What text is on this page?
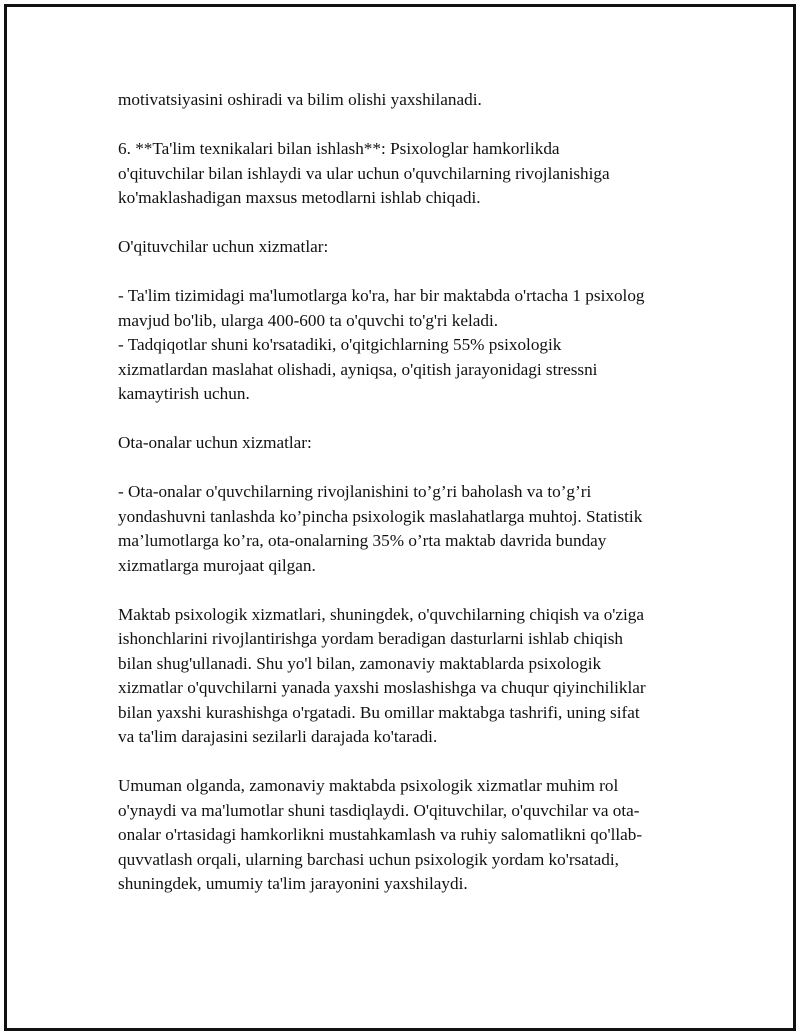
motivatsiyasini oshiradi va bilim olishi yaxshilanadi.

6. **Ta'lim texnikalari bilan ishlash**: Psixologlar hamkorlikda
o'qituvchilar bilan ishlaydi va ular uchun o'quvchilarning rivojlanishiga
ko'maklashadigan maxsus metodlarni ishlab chiqadi.

O'qituvchilar uchun xizmatlar:

- Ta'lim tizimidagi ma'lumotlarga ko'ra, har bir maktabda o'rtacha 1 psixolog
mavjud bo'lib, ularga 400-600 ta o'quvchi to'g'ri keladi.
- Tadqiqotlar shuni ko'rsatadiki, o'qitgichlarning 55% psixologik
xizmatlardan maslahat olishadi, ayniqsa, o'qitish jarayonidagi stressni
kamaytirish uchun.

Ota-onalar uchun xizmatlar:

- Ota-onalar o'quvchilarning rivojlanishini to’g’ri baholash va to’g’ri
yondashuvni tanlashda ko’pincha psixologik maslahatlarga muhtoj. Statistik
ma’lumotlarga ko’ra, ota-onalarning 35% o’rta maktab davrida bunday
xizmatlarga murojaat qilgan.

Maktab psixologik xizmatlari, shuningdek, o'quvchilarning chiqish va o'ziga
ishonchlarini rivojlantirishga yordam beradigan dasturlarni ishlab chiqish
bilan shug'ullanadi. Shu yo'l bilan, zamonaviy maktablarda psixologik
xizmatlar o'quvchilarni yanada yaxshi moslashishga va chuqur qiyinchiliklar
bilan yaxshi kurashishga o'rgatadi. Bu omillar maktabga tashrifi, uning sifat
va ta'lim darajasini sezilarli darajada ko'taradi.

Umuman olganda, zamonaviy maktabda psixologik xizmatlar muhim rol
o'ynaydi va ma'lumotlar shuni tasdiqlaydi. O'qituvchilar, o'quvchilar va ota-
onalar o'rtasidagi hamkorlikni mustahkamlash va ruhiy salomatlikni qo'llab-
quvvatlash orqali, ularning barchasi uchun psixologik yordam ko'rsatadi,
shuningdek, umumiy ta'lim jarayonini yaxshilaydi.
